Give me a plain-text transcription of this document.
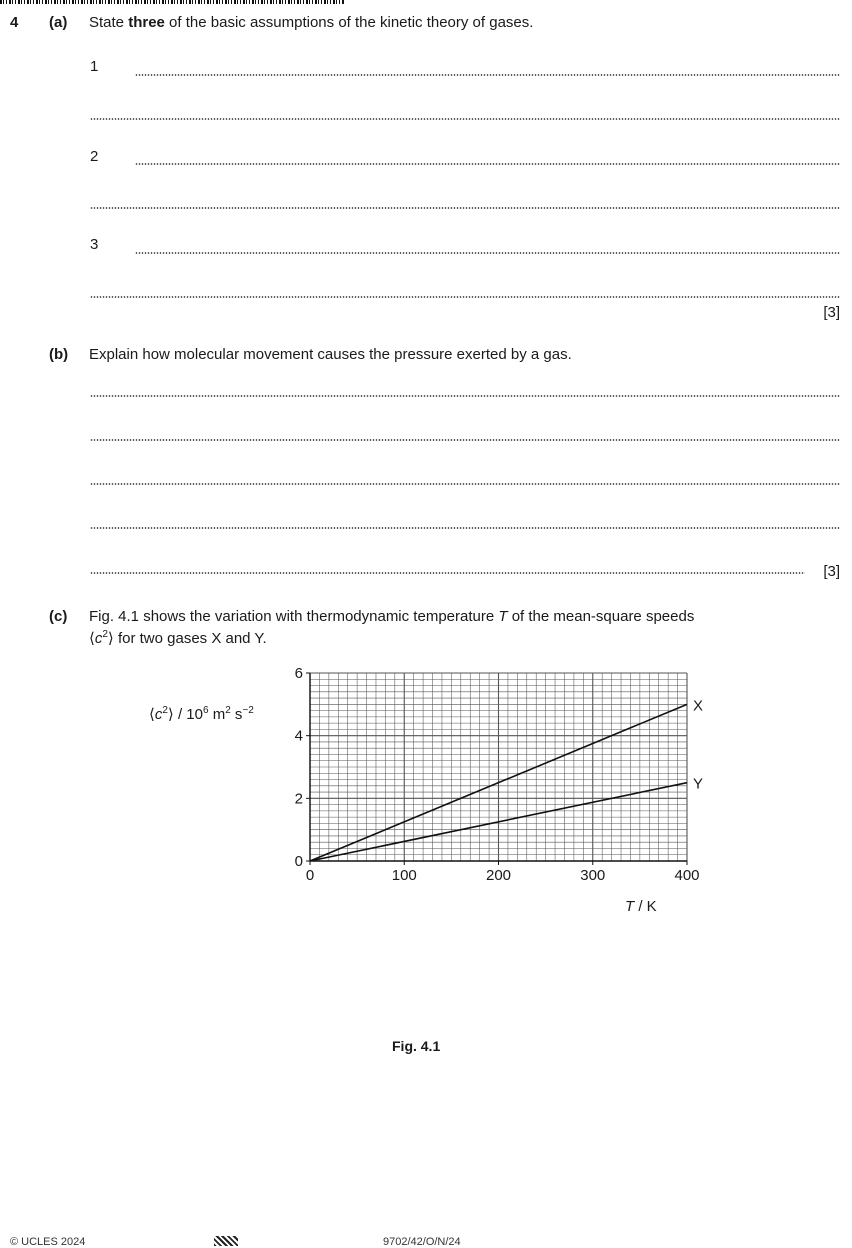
4 (a) State three of the basic assumptions of the kinetic theory of gases.
1
2
3
[3]
(b) Explain how molecular movement causes the pressure exerted by a gas.
[3]
(c) Fig. 4.1 shows the variation with thermodynamic temperature T of the mean-square speeds
$⟨c^2⟩$ for two gases X and Y.
0	100	200	300	400
0
2
4
6
X
Y
$⟨c^2⟩ / 10^6$ $m^2$ $s^{-2}$
T / K
Fig. 4.1
© UCLES 2024	9702/42/O/N/24
